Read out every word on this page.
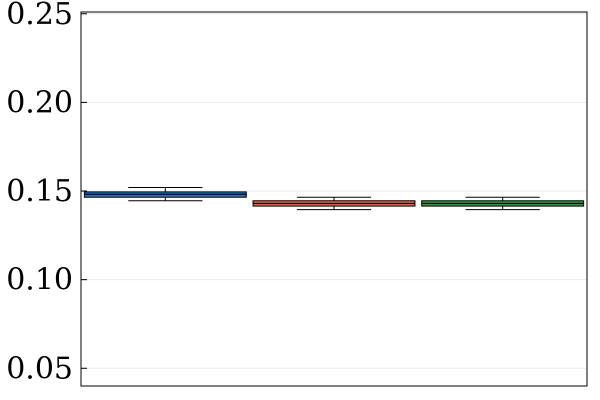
0.05
0.10
0.15
0.20
0.25
